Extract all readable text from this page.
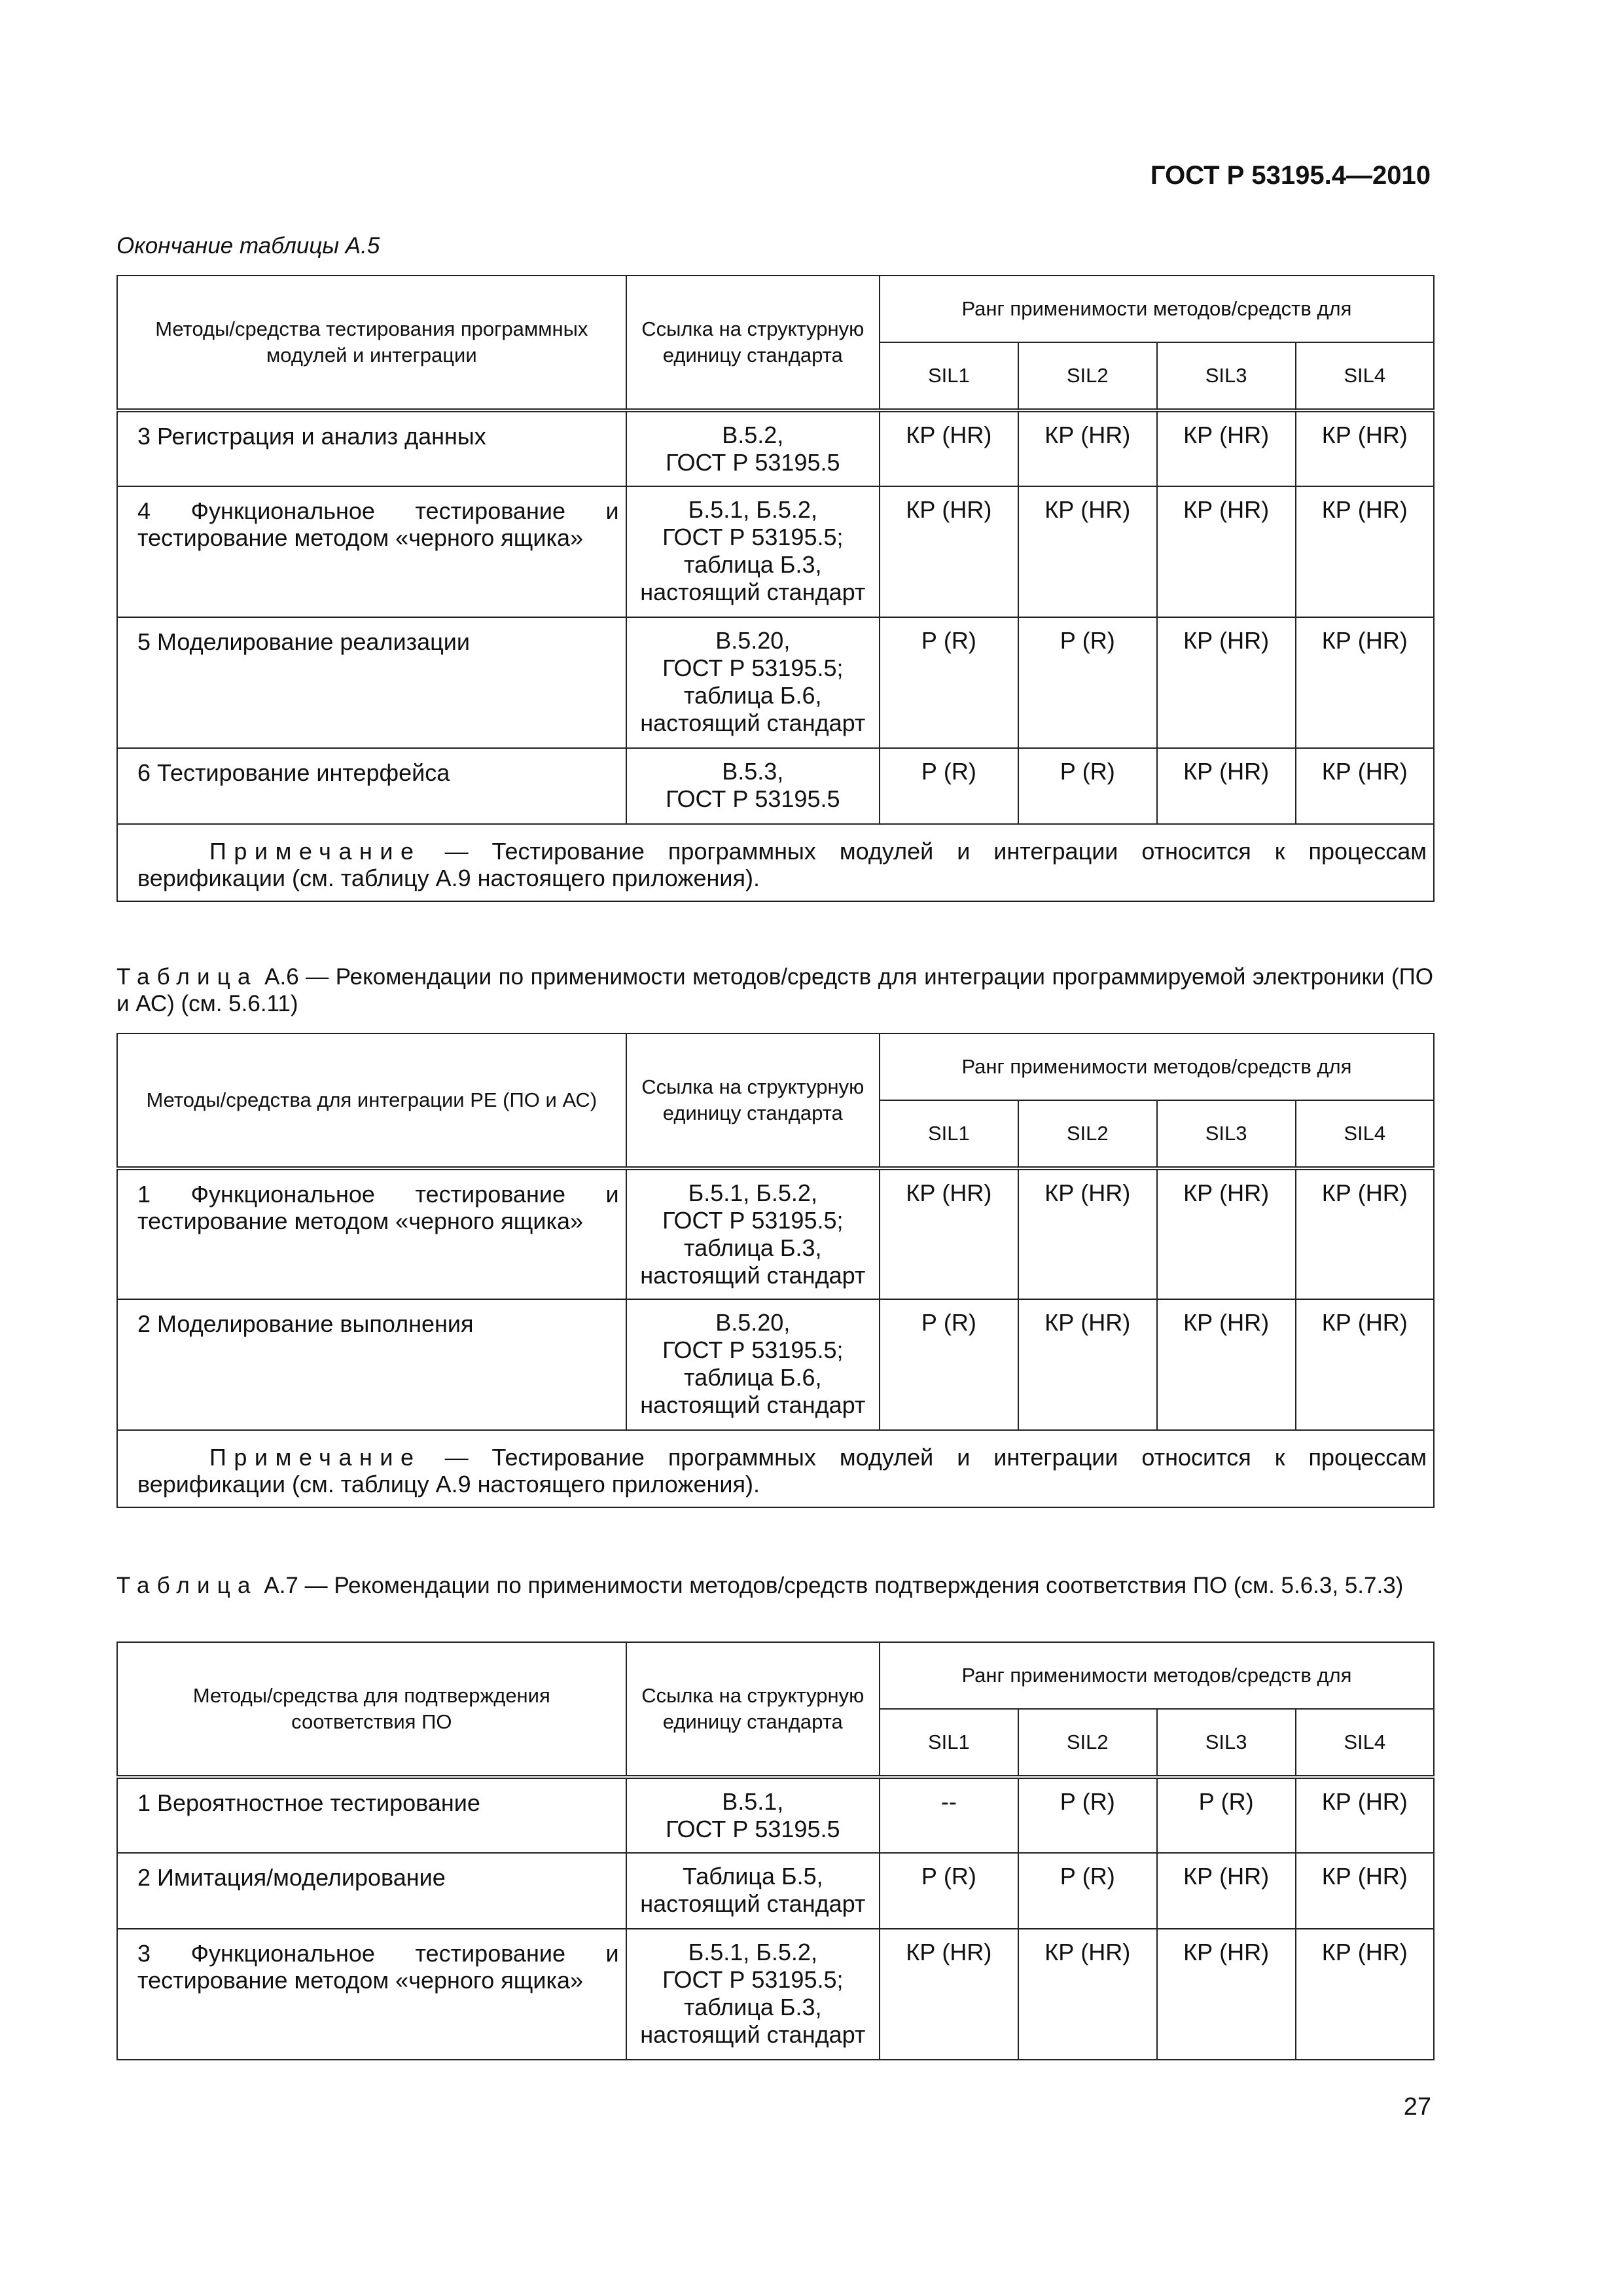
ГОСТ Р 53195.4—2010
Окончание таблицы А.5
Методы/средства тестирования программных модулей и интеграции	Ссылка на структурную единицу стандарта	Ранг применимости методов/средств для			
		SIL1	SIL2	SIL3	SIL4
3 Регистрация и анализ данных	В.5.2,
ГОСТ Р 53195.5	КР (HR)	КР (HR)	КР (HR)	КР (HR)
4 Функциональное тестирование и тестирование методом «черного ящика»	Б.5.1, Б.5.2,
ГОСТ Р 53195.5;
таблица Б.3,
настоящий стандарт	КР (HR)	КР (HR)	КР (HR)	КР (HR)
5 Моделирование реализации	В.5.20,
ГОСТ Р 53195.5;
таблица Б.6,
настоящий стандарт	Р (R)	Р (R)	КР (HR)	КР (HR)
6 Тестирование интерфейса	В.5.3,
ГОСТ Р 53195.5	Р (R)	Р (R)	КР (HR)	КР (HR)
Примечание — Тестирование программных модулей и интеграции относится к процессам верификации (см. таблицу А.9 настоящего приложения).					
Таблица А.6 — Рекомендации по применимости методов/средств для интеграции программируемой электроники (ПО и АС) (см. 5.6.11)
Методы/средства для интеграции РЕ (ПО и АС)	Ссылка на структурную единицу стандарта	Ранг применимости методов/средств для			
		SIL1	SIL2	SIL3	SIL4
1 Функциональное тестирование и тестирование методом «черного ящика»	Б.5.1, Б.5.2,
ГОСТ Р 53195.5;
таблица Б.3,
настоящий стандарт	КР (HR)	КР (HR)	КР (HR)	КР (HR)
2 Моделирование выполнения	В.5.20,
ГОСТ Р 53195.5;
таблица Б.6,
настоящий стандарт	Р (R)	КР (HR)	КР (HR)	КР (HR)
Примечание — Тестирование программных модулей и интеграции относится к процессам верификации (см. таблицу А.9 настоящего приложения).					
Таблица А.7 — Рекомендации по применимости методов/средств подтверждения соответствия ПО (см. 5.6.3, 5.7.3)
Методы/средства для подтверждения соответствия ПО	Ссылка на структурную единицу стандарта	Ранг применимости методов/средств для			
		SIL1	SIL2	SIL3	SIL4
1 Вероятностное тестирование	В.5.1,
ГОСТ Р 53195.5	--	Р (R)	Р (R)	КР (HR)
2 Имитация/моделирование	Таблица Б.5,
настоящий стандарт	Р (R)	Р (R)	КР (HR)	КР (HR)
3 Функциональное тестирование и тестирование методом «черного ящика»	Б.5.1, Б.5.2,
ГОСТ Р 53195.5;
таблица Б.3,
настоящий стандарт	КР (HR)	КР (HR)	КР (HR)	КР (HR)
27
